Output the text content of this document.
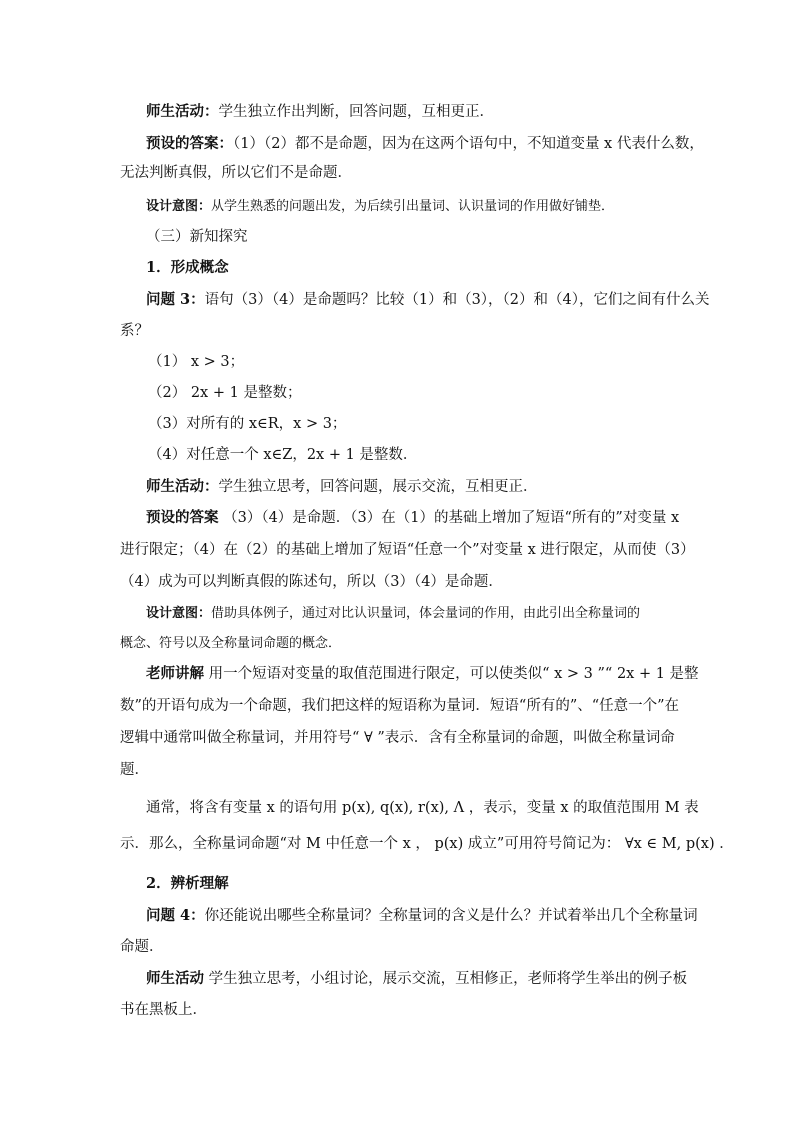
师生活动：学生独立作出判断，回答问题，互相更正．
预设的答案：（1）（2）都不是命题，因为在这两个语句中，不知道变量 x 代表什么数，
无法判断真假，所以它们不是命题．
设计意图：从学生熟悉的问题出发，为后续引出量词、认识量词的作用做好铺垫．
（三）新知探究
1．形成概念
问题 3：语句（3）（4）是命题吗？比较（1）和（3），（2）和（4），它们之间有什么关
系？
（1） x > 3；
（2） 2x + 1 是整数；
（3）对所有的 x∈R，x > 3；
（4）对任意一个 x∈Z，2x + 1 是整数．
师生活动：学生独立思考，回答问题，展示交流，互相更正．
预设的答案 （3）（4）是命题．（3）在（1）的基础上增加了短语“所有的”对变量 x
进行限定；（4）在（2）的基础上增加了短语“任意一个”对变量 x 进行限定，从而使（3）
（4）成为可以判断真假的陈述句，所以（3）（4）是命题．
设计意图：借助具体例子，通过对比认识量词，体会量词的作用，由此引出全称量词的
概念、符号以及全称量词命题的概念．
老师讲解 用一个短语对变量的取值范围进行限定，可以使类似“ x > 3 ”“ 2x + 1 是整
数”的开语句成为一个命题，我们把这样的短语称为量词．短语“所有的”、“任意一个”在
逻辑中通常叫做全称量词，并用符号“ ∀ ”表示．含有全称量词的命题，叫做全称量词命
题．
通常，将含有变量 x 的语句用 p(x), q(x), r(x), Λ ，表示，变量 x 的取值范围用 M 表
示．那么，全称量词命题“对 M 中任意一个 x ， p(x) 成立”可用符号简记为： ∀x ∈ M, p(x) ．
2．辨析理解
问题 4：你还能说出哪些全称量词？全称量词的含义是什么？并试着举出几个全称量词
命题．
师生活动 学生独立思考，小组讨论，展示交流，互相修正，老师将学生举出的例子板
书在黑板上．
